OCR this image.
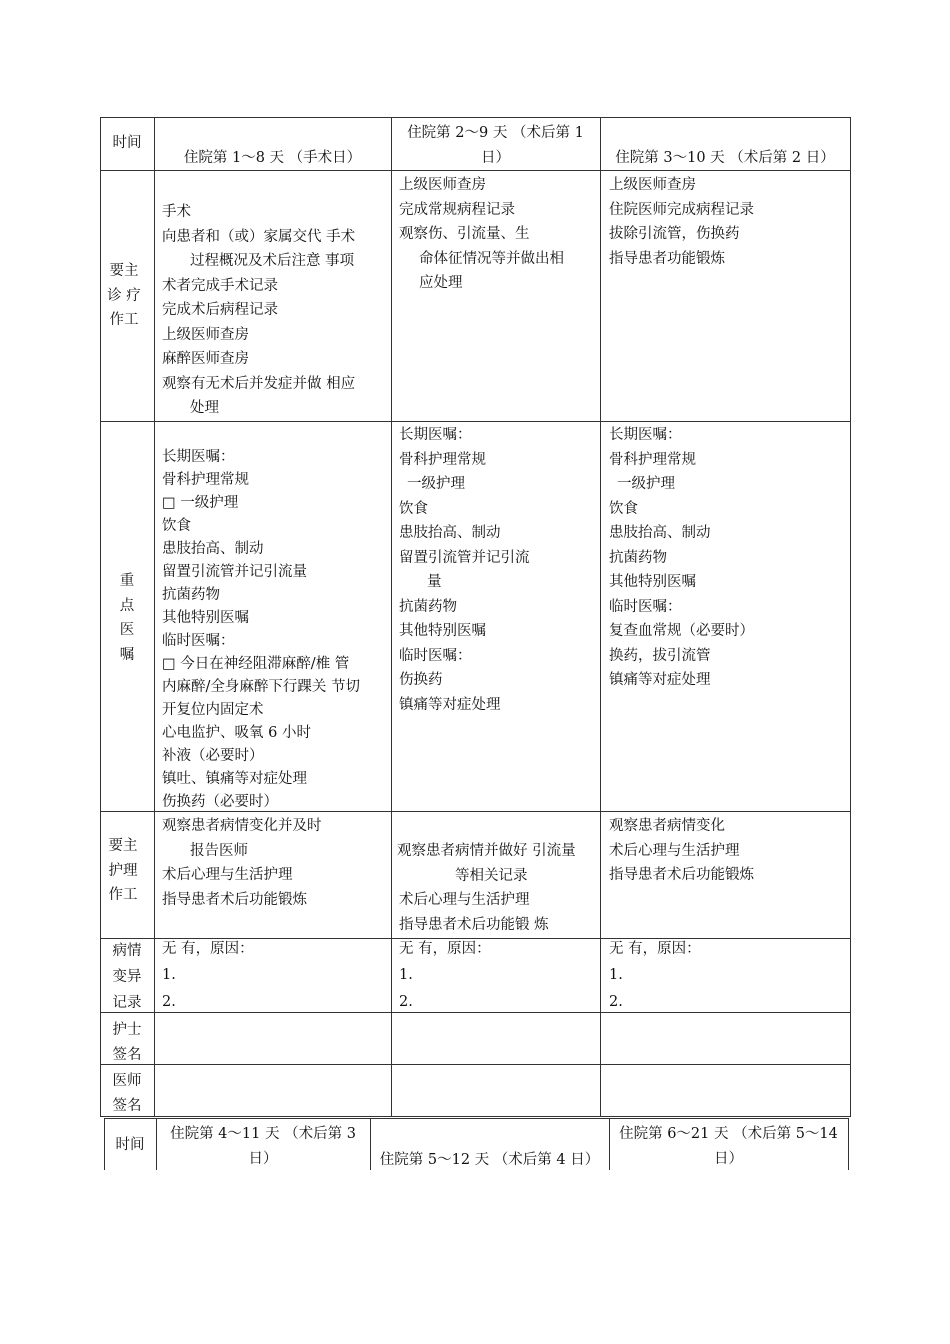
时间
住院第 1〜8 天 （手术日）
住院第 2〜9 天 （术后第 1
日）	住院第 3〜10 天 （术后第 2 日）
要主
诊 疗
作工
手术
向患者和（或）家属交代 手术
过程概况及术后注意 事项
术者完成手术记录
完成术后病程记录
上级医师查房
麻醉医师查房
观察有无术后并发症并做 相应
处理
上级医师查房
完成常规病程记录
观察伤、引流量、生
命体征情况等并做出相
应处理
上级医师查房
住院医师完成病程记录
拔除引流管，伤换药
指导患者功能锻炼
重
点
医
嘱
长期医嘱：
骨科护理常规
□ 一级护理
饮食
患肢抬高、制动
留置引流管并记引流量
抗菌药物
其他特别医嘱
临时医嘱：
□ 今日在神经阻滞麻醉/椎 管
内麻醉/全身麻醉下行踝关 节切
开复位内固定术
心电监护、吸氧 6 小时
补液（必要时）
镇吐、镇痛等对症处理
伤换药（必要时）
长期医嘱：
骨科护理常规
一级护理
饮食
患肢抬高、制动
留置引流管并记引流
量
抗菌药物
其他特别医嘱
临时医嘱：
伤换药
镇痛等对症处理
长期医嘱：
骨科护理常规
一级护理
饮食
患肢抬高、制动
抗菌药物
其他特别医嘱
临时医嘱：
复查血常规（必要时）
换药，拔引流管
镇痛等对症处理
要主
护理
作工
观察患者病情变化并及时
报告医师
术后心理与生活护理
指导患者术后功能锻炼
观察患者病情并做好 引流量
等相关记录
术后心理与生活护理
指导患者术后功能锻 炼
观察患者病情变化
术后心理与生活护理
指导患者术后功能锻炼
病情
变异
记录
无 有，原因：
1.
2.
无 有，原因：
1.
2.
无 有，原因：
1.
2.
护士
签名
医师
签名
时间
住院第 4〜11 天 （术后第 3
日）	住院第 5〜12 天 （术后第 4 日）
住院第 6〜21 天 （术后第 5〜14
日）
